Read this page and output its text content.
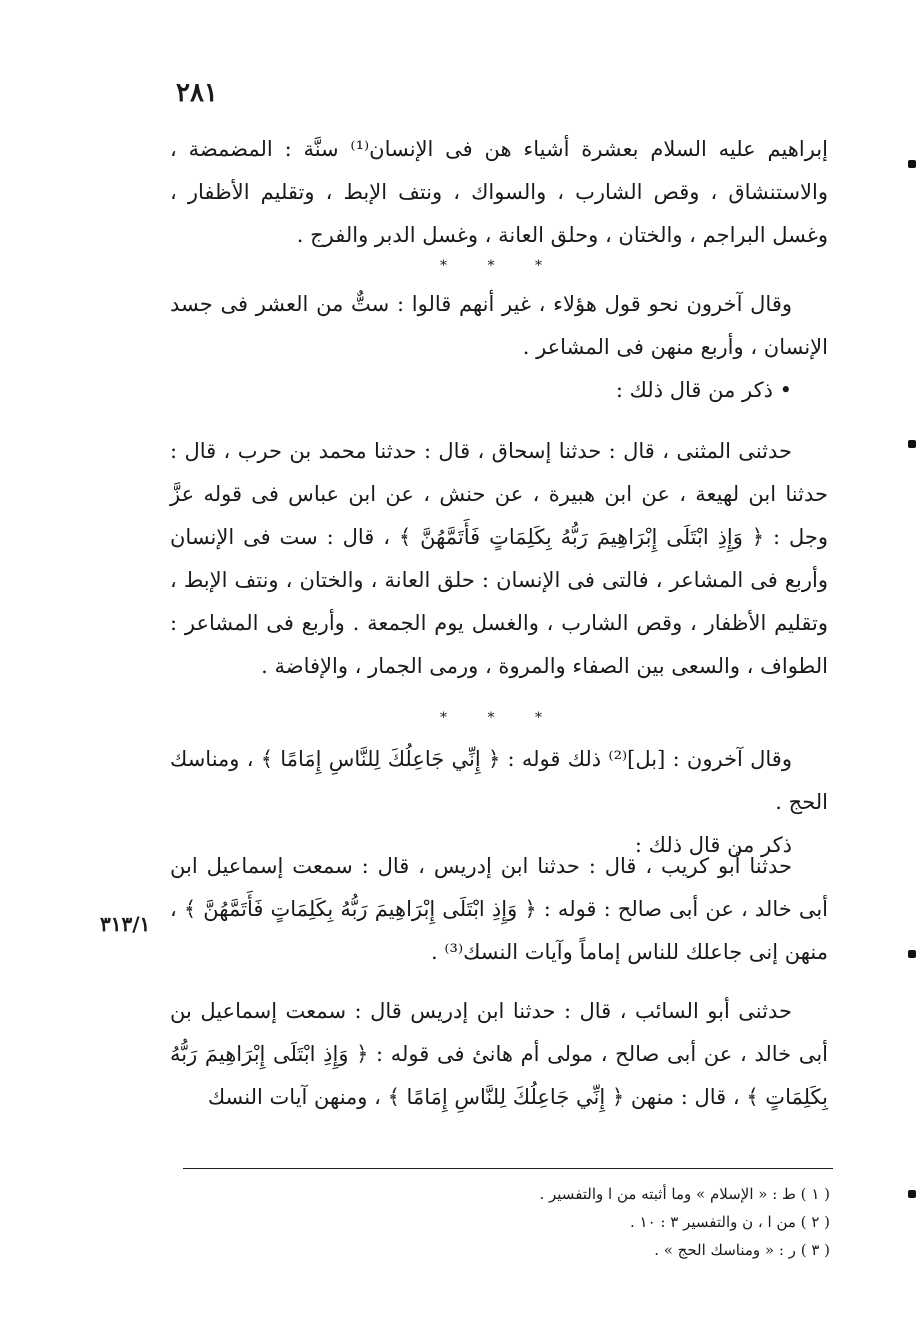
٢٨١

إبراهيم عليه السلام بعشرة أشياء هن فى الإنسان⁽¹⁾ سنَّة : المضمضة ، والاستنشاق ، وقص الشارب ، والسواك ، ونتف الإبط ، وتقليم الأظفار ، وغسل البراجم ، والختان ، وحلق العانة ، وغسل الدبر والفرج .

* * *

وقال آخرون نحو قول هؤلاء ، غير أنهم قالوا : ستٌّ من العشر فى جسد الإنسان ، وأربع منهن فى المشاعر .

• ذكر من قال ذلك :

حدثنى المثنى ، قال : حدثنا إسحاق ، قال : حدثنا محمد بن حرب ، قال : حدثنا ابن لهيعة ، عن ابن هبيرة ، عن حنش ، عن ابن عباس فى قوله عزَّ وجل : ﴿ وَإِذِ ابْتَلَى إِبْرَاهِيمَ رَبُّهُ بِكَلِمَاتٍ فَأَتَمَّهُنَّ ﴾ ، قال : ست فى الإنسان وأربع فى المشاعر ، فالتى فى الإنسان : حلق العانة ، والختان ، ونتف الإبط ، وتقليم الأظفار ، وقص الشارب ، والغسل يوم الجمعة . وأربع فى المشاعر : الطواف ، والسعى بين الصفاء والمروة ، ورمى الجمار ، والإفاضة .

* * *

وقال آخرون : [بل]⁽²⁾ ذلك قوله : ﴿ إِنِّي جَاعِلُكَ لِلنَّاسِ إِمَامًا ﴾ ، ومناسك الحج .

ذكر من قال ذلك :

حدثنا أبو كريب ، قال : حدثنا ابن إدريس ، قال : سمعت إسماعيل ابن أبى خالد ، عن أبى صالح : قوله : ﴿ وَإِذِ ابْتَلَى إِبْرَاهِيمَ رَبُّهُ بِكَلِمَاتٍ فَأَتَمَّهُنَّ ﴾ ، منهن إنى جاعلك للناس إماماً وآيات النسك⁽³⁾ .

٣١٣/١

حدثنى أبو السائب ، قال : حدثنا ابن إدريس قال : سمعت إسماعيل بن أبى خالد ، عن أبى صالح ، مولى أم هانئ فى قوله : ﴿ وَإِذِ ابْتَلَى إِبْرَاهِيمَ رَبُّهُ بِكَلِمَاتٍ ﴾ ، قال : منهن ﴿ إِنِّي جَاعِلُكَ لِلنَّاسِ إِمَامًا ﴾ ، ومنهن آيات النسك

( ١ ) ط : « الإسلام » وما أثبته من ا والتفسير .

( ٢ ) من ا ، ن والتفسير ٣ : ١٠ .

( ٣ ) ر : « ومناسك الحج » .
